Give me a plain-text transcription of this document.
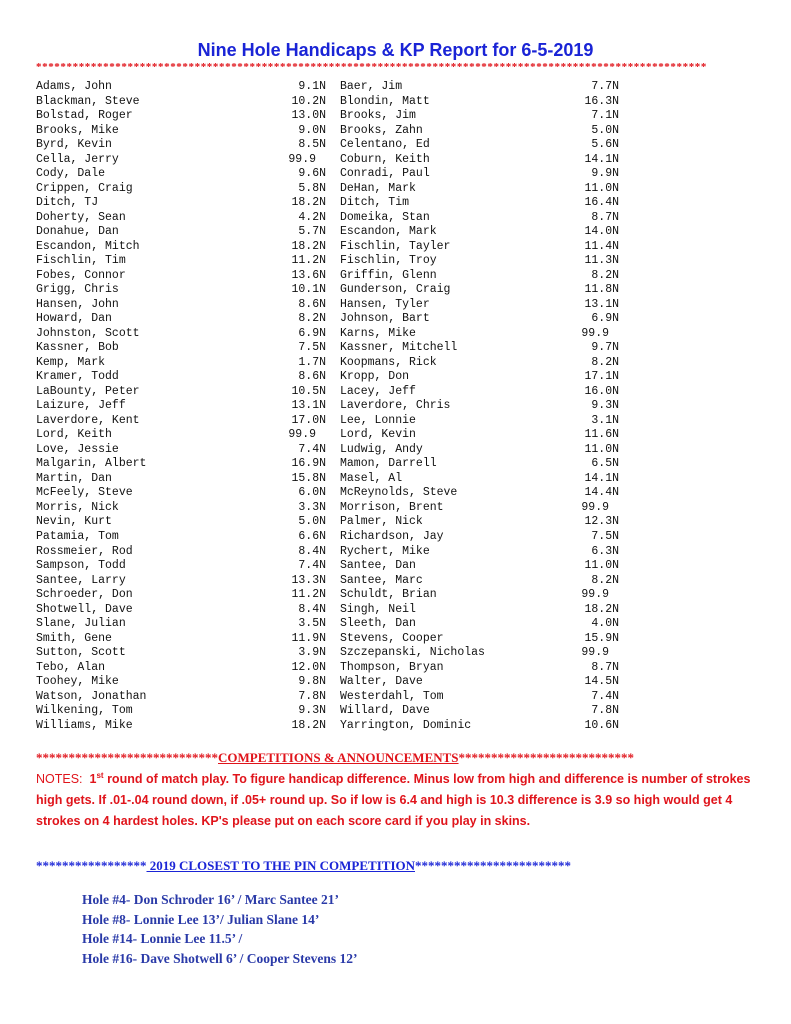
Nine Hole Handicaps & KP Report for 6-5-2019
**************************************************************************************************************
Adams, John	9.1N Baer, Jim	7.7N
Blackman, Steve	10.2N Blondin, Matt	16.3N
Bolstad, Roger	13.0N Brooks, Jim	7.1N
Brooks, Mike	9.0N Brooks, Zahn	5.0N
Byrd, Kevin	8.5N Celentano, Ed	5.6N
Cella, Jerry	99.9	Coburn, Keith	14.1N
Cody, Dale	9.6N Conradi, Paul	9.9N
Crippen, Craig	5.8N DeHan, Mark	11.0N
Ditch, TJ	18.2N Ditch, Tim	16.4N
Doherty, Sean	4.2N Domeika, Stan	8.7N
Donahue, Dan	5.7N Escandon, Mark	14.0N
Escandon, Mitch	18.2N Fischlin, Tayler	11.4N
Fischlin, Tim	11.2N Fischlin, Troy	11.3N
Fobes, Connor	13.6N Griffin, Glenn	8.2N
Grigg, Chris	10.1N Gunderson, Craig	11.8N
Hansen, John	8.6N Hansen, Tyler	13.1N
Howard, Dan	8.2N Johnson, Bart	6.9N
Johnston, Scott	6.9N Karns, Mike	99.9
Kassner, Bob	7.5N Kassner, Mitchell	9.7N
Kemp, Mark	1.7N Koopmans, Rick	8.2N
Kramer, Todd	8.6N Kropp, Don	17.1N
LaBounty, Peter	10.5N Lacey, Jeff	16.0N
Laizure, Jeff	13.1N Laverdore, Chris	9.3N
Laverdore, Kent	17.0N Lee, Lonnie	3.1N
Lord, Keith	99.9	Lord, Kevin	11.6N
Love, Jessie	7.4N Ludwig, Andy	11.0N
Malgarin, Albert	16.9N Mamon, Darrell	6.5N
Martin, Dan	15.8N Masel, Al	14.1N
McFeely, Steve	6.0N McReynolds, Steve	14.4N
Morris, Nick	3.3N Morrison, Brent	99.9
Nevin, Kurt	5.0N Palmer, Nick	12.3N
Patamia, Tom	6.6N Richardson, Jay	7.5N
Rossmeier, Rod	8.4N Rychert, Mike	6.3N
Sampson, Todd	7.4N Santee, Dan	11.0N
Santee, Larry	13.3N Santee, Marc	8.2N
Schroeder, Don	11.2N Schuldt, Brian	99.9
Shotwell, Dave	8.4N Singh, Neil	18.2N
Slane, Julian	3.5N Sleeth, Dan	4.0N
Smith, Gene	11.9N Stevens, Cooper	15.9N
Sutton, Scott	3.9N Szczepanski, Nicholas	99.9
Tebo, Alan	12.0N Thompson, Bryan	8.7N
Toohey, Mike	9.8N Walter, Dave	14.5N
Watson, Jonathan	7.8N Westerdahl, Tom	7.4N
Wilkening, Tom	9.3N Willard, Dave	7.8N
Williams, Mike	18.2N Yarrington, Dominic	10.6N
****************************COMPETITIONS & ANNOUNCEMENTS***************************
NOTES: 1st round of match play. To figure handicap difference. Minus low from high and difference is number of strokes high gets. If .01-.04 round down, if .05+ round up. So if low is 6.4 and high is 10.3 difference is 3.9 so high would get 4 strokes on 4 hardest holes. KP's please put on each score card if you play in skins.
***************** 2019 CLOSEST TO THE PIN COMPETITION************************
Hole #4- Don Schroder 16’ / Marc Santee 21’
Hole #8- Lonnie Lee 13’/ Julian Slane 14’
Hole #14- Lonnie Lee 11.5’ /
Hole #16- Dave Shotwell 6’ / Cooper Stevens 12’
